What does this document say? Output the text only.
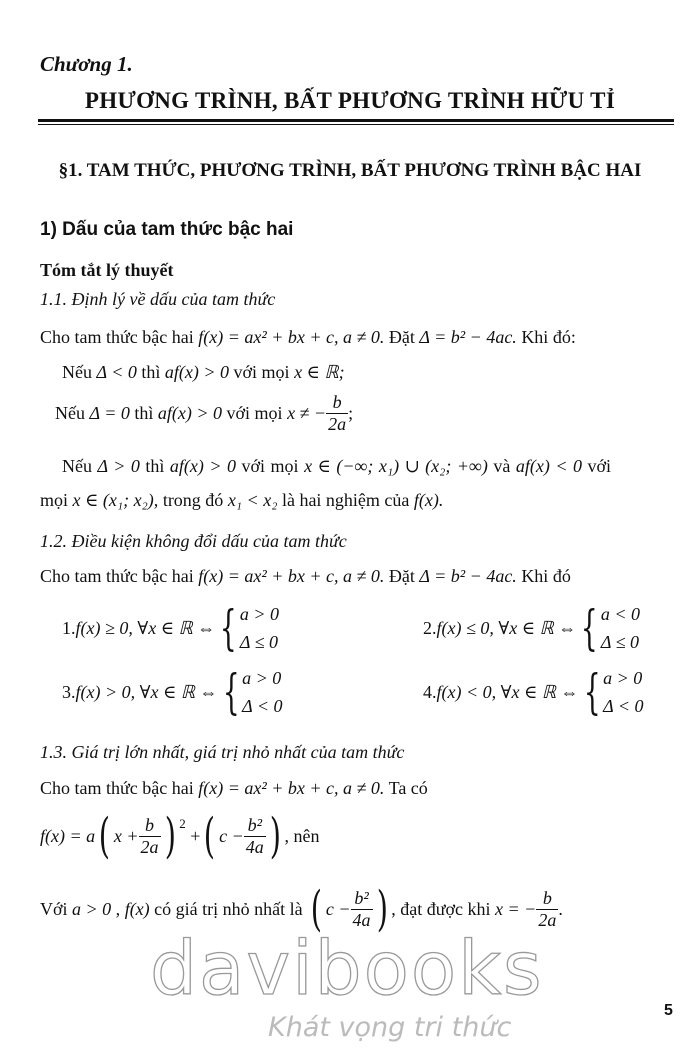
Chương 1.
PHƯƠNG TRÌNH, BẤT PHƯƠNG TRÌNH HỮU TỈ
§1. TAM THỨC, PHƯƠNG TRÌNH, BẤT PHƯƠNG TRÌNH BẬC HAI
1) Dấu của tam thức bậc hai
Tóm tắt lý thuyết
1.1. Định lý về dấu của tam thức
Cho tam thức bậc hai f(x) = ax² + bx + c, a ≠ 0. Đặt Δ = b² − 4ac. Khi đó:
Nếu Δ < 0 thì af(x) > 0 với mọi x ∈ ℝ;
Nếu
Δ = 0
thì
af(x) > 0
với mọi
x ≠ − $\frac{b}{2a}$ ;
Nếu Δ > 0 thì af(x) > 0 với mọi x ∈ (−∞; x₁) ∪ (x₂; +∞) và af(x) < 0 với
mọi x ∈ (x₁; x₂), trong đó x₁ < x₂ là hai nghiệm của f(x).
1.2. Điều kiện không đổi dấu của tam thức
Cho tam thức bậc hai f(x) = ax² + bx + c, a ≠ 0. Đặt Δ = b² − 4ac. Khi đó
1. f(x) ≥ 0, ∀x ∈ ℝ ⇔ { a > 0
Δ ≤ 0
2. f(x) ≤ 0, ∀x ∈ ℝ ⇔ { a < 0
Δ ≤ 0
3. f(x) > 0, ∀x ∈ ℝ ⇔ { a > 0
Δ < 0
4. f(x) < 0, ∀x ∈ ℝ ⇔ { a > 0
Δ < 0
1.3. Giá trị lớn nhất, giá trị nhỏ nhất của tam thức
Cho tam thức bậc hai f(x) = ax² + bx + c, a ≠ 0. Ta có
f(x) = a ( $x + \frac{b}{2a}$ ) $^2$

+ ( $c - \frac{\text{b²}}{4a}$ ) , nên
Với
a > 0 ,
f(x)
có giá trị nhỏ nhất là
( $c - \frac{\text{b²}}{4a}$ ) , đạt được khi
x = − $\frac{b}{2a}$ .
davibooks
Khát vọng tri thức
5
